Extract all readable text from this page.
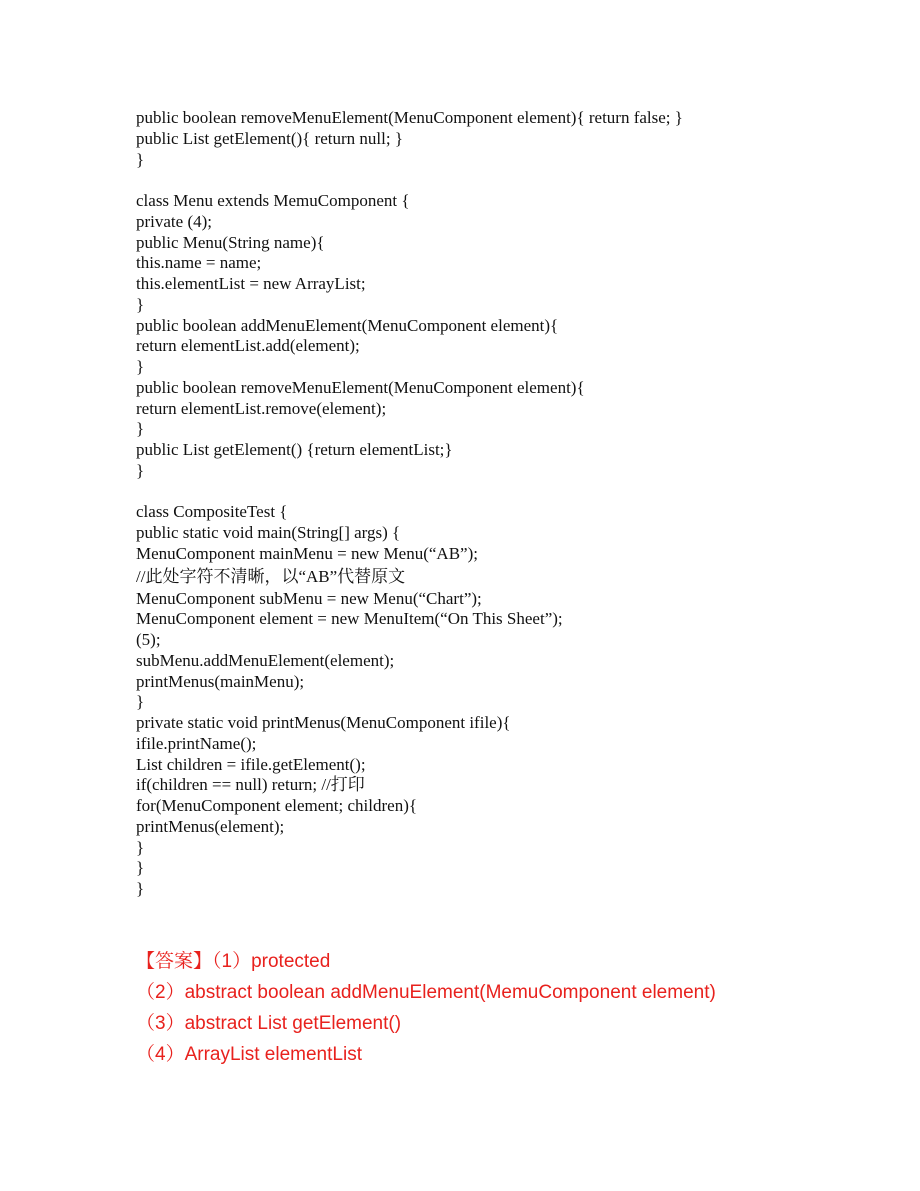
public boolean removeMenuElement(MenuComponent element){ return false; }
public List getElement(){ return null; }
}
class Menu extends MemuComponent {
private (4);
public Menu(String name){
this.name = name;
this.elementList = new ArrayList;
}
public boolean addMenuElement(MenuComponent element){
return elementList.add(element);
}
public boolean removeMenuElement(MenuComponent element){
return elementList.remove(element);
}
public List getElement() {return elementList;}
}
class CompositeTest {
public static void main(String[] args) {
MenuComponent mainMenu = new Menu(“AB”);
//此处字符不清晰，以“AB”代替原文
MenuComponent subMenu = new Menu(“Chart”);
MenuComponent element = new MenuItem(“On This Sheet”);
(5);
subMenu.addMenuElement(element);
printMenus(mainMenu);
}
private static void printMenus(MenuComponent ifile){
ifile.printName();
List children = ifile.getElement();
if(children == null) return; //打印
for(MenuComponent element; children){
printMenus(element);
}
}
}
【答案】（1）protected
（2）abstract boolean addMenuElement(MemuComponent element)
（3）abstract List getElement()
（4）ArrayList elementList
